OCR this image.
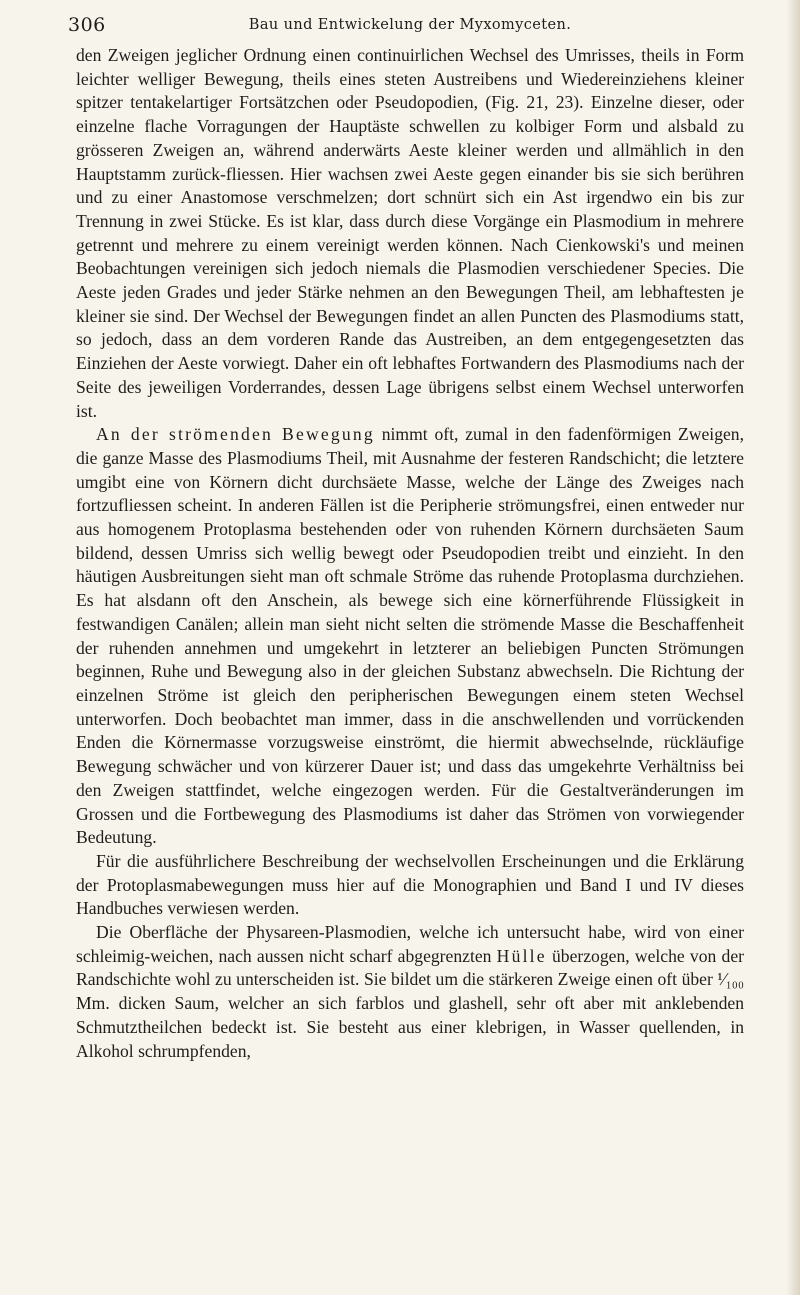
306	Bau und Entwickelung der Myxomyceten.

den Zweigen jeglicher Ordnung einen continuirlichen Wechsel des Umrisses, theils in Form leichter welliger Bewegung, theils eines steten Austreibens und Wiedereinziehens kleiner spitzer tentakelartiger Fortsätzchen oder Pseudopodien, (Fig. 21, 23). Einzelne dieser, oder einzelne flache Vorragungen der Hauptäste schwellen zu kolbiger Form und alsbald zu grösseren Zweigen an, während anderwärts Aeste kleiner werden und allmählich in den Hauptstamm zurück-fliessen. Hier wachsen zwei Aeste gegen einander bis sie sich berühren und zu einer Anastomose verschmelzen; dort schnürt sich ein Ast irgendwo ein bis zur Trennung in zwei Stücke. Es ist klar, dass durch diese Vorgänge ein Plasmodium in mehrere getrennt und mehrere zu einem vereinigt werden können. Nach Cienkowski's und meinen Beobachtungen vereinigen sich jedoch niemals die Plasmodien verschiedener Species. Die Aeste jeden Grades und jeder Stärke nehmen an den Bewegungen Theil, am lebhaftesten je kleiner sie sind. Der Wechsel der Bewegungen findet an allen Puncten des Plasmodiums statt, so jedoch, dass an dem vorderen Rande das Austreiben, an dem entgegengesetzten das Einziehen der Aeste vorwiegt. Daher ein oft lebhaftes Fortwandern des Plasmodiums nach der Seite des jeweiligen Vorderrandes, dessen Lage übrigens selbst einem Wechsel unterworfen ist.

An der strömenden Bewegung nimmt oft, zumal in den fadenförmigen Zweigen, die ganze Masse des Plasmodiums Theil, mit Ausnahme der festeren Randschicht; die letztere umgibt eine von Körnern dicht durchsäete Masse, welche der Länge des Zweiges nach fortzufliessen scheint. In anderen Fällen ist die Peripherie strömungsfrei, einen entweder nur aus homogenem Protoplasma bestehenden oder von ruhenden Körnern durchsäeten Saum bildend, dessen Umriss sich wellig bewegt oder Pseudopodien treibt und einzieht. In den häutigen Ausbreitungen sieht man oft schmale Ströme das ruhende Protoplasma durchziehen. Es hat alsdann oft den Anschein, als bewege sich eine körnerführende Flüssigkeit in festwandigen Canälen; allein man sieht nicht selten die strömende Masse die Beschaffenheit der ruhenden annehmen und umgekehrt in letzterer an beliebigen Puncten Strömungen beginnen, Ruhe und Bewegung also in der gleichen Substanz abwechseln. Die Richtung der einzelnen Ströme ist gleich den peripherischen Bewegungen einem steten Wechsel unterworfen. Doch beobachtet man immer, dass in die anschwellenden und vorrückenden Enden die Körnermasse vorzugsweise einströmt, die hiermit abwechselnde, rückläufige Bewegung schwächer und von kürzerer Dauer ist; und dass das umgekehrte Verhältniss bei den Zweigen stattfindet, welche eingezogen werden. Für die Gestaltveränderungen im Grossen und die Fortbewegung des Plasmodiums ist daher das Strömen von vorwiegender Bedeutung.

Für die ausführlichere Beschreibung der wechselvollen Erscheinungen und die Erklärung der Protoplasmabewegungen muss hier auf die Monographien und Band I und IV dieses Handbuches verwiesen werden.

Die Oberfläche der Physareen-Plasmodien, welche ich untersucht habe, wird von einer schleimig-weichen, nach aussen nicht scharf abgegrenzten Hülle überzogen, welche von der Randschichte wohl zu unterscheiden ist. Sie bildet um die stärkeren Zweige einen oft über ¹⁄₁₀₀ Mm. dicken Saum, welcher an sich farblos und glashell, sehr oft aber mit anklebenden Schmutztheilchen bedeckt ist. Sie besteht aus einer klebrigen, in Wasser quellenden, in Alkohol schrumpfenden,
